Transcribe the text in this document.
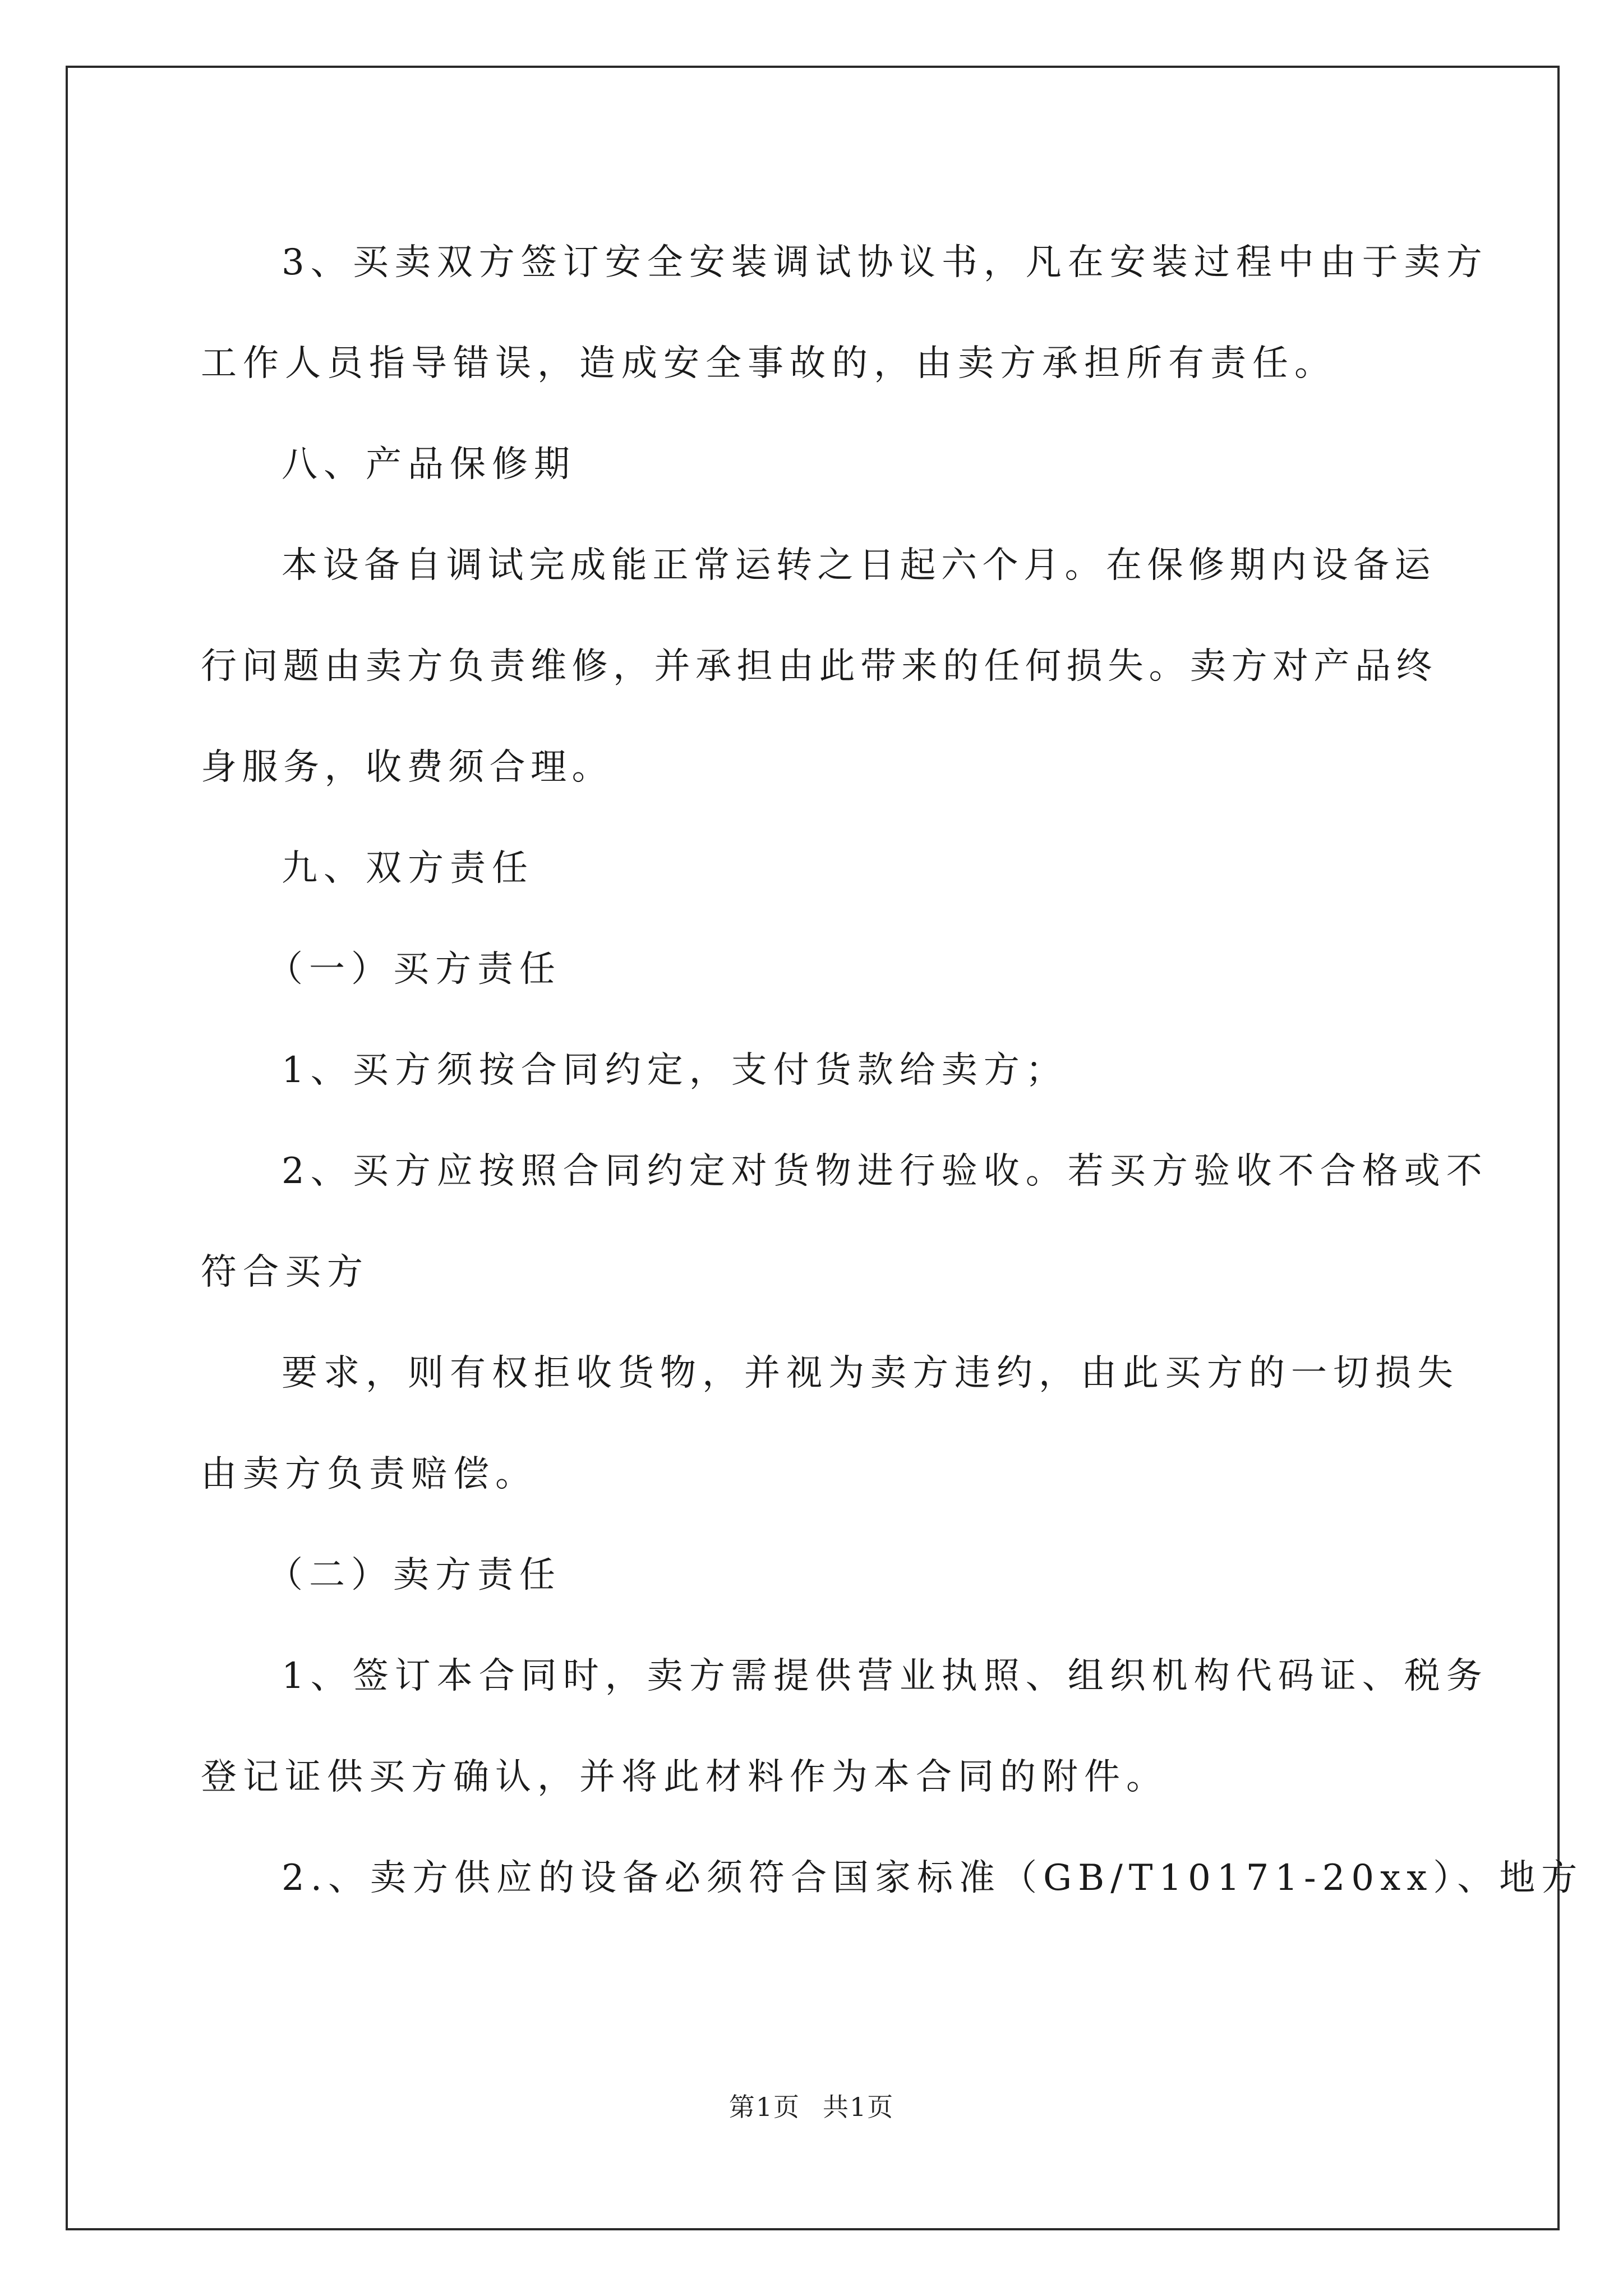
3、买卖双方签订安全安装调试协议书，凡在安装过程中由于卖方
工作人员指导错误，造成安全事故的，由卖方承担所有责任。

八、产品保修期

本设备自调试完成能正常运转之日起六个月。在保修期内设备运
行问题由卖方负责维修，并承担由此带来的任何损失。卖方对产品终
身服务，收费须合理。

九、双方责任

（一）买方责任

1、买方须按合同约定，支付货款给卖方；

2、买方应按照合同约定对货物进行验收。若买方验收不合格或不
符合买方

要求，则有权拒收货物，并视为卖方违约，由此买方的一切损失
由卖方负责赔偿。

（二）卖方责任

1、签订本合同时，卖方需提供营业执照、组织机构代码证、税务
登记证供买方确认，并将此材料作为本合同的附件。

2.、卖方供应的设备必须符合国家标准（GB/T10171-20xx）、地方

第1页 共1页
